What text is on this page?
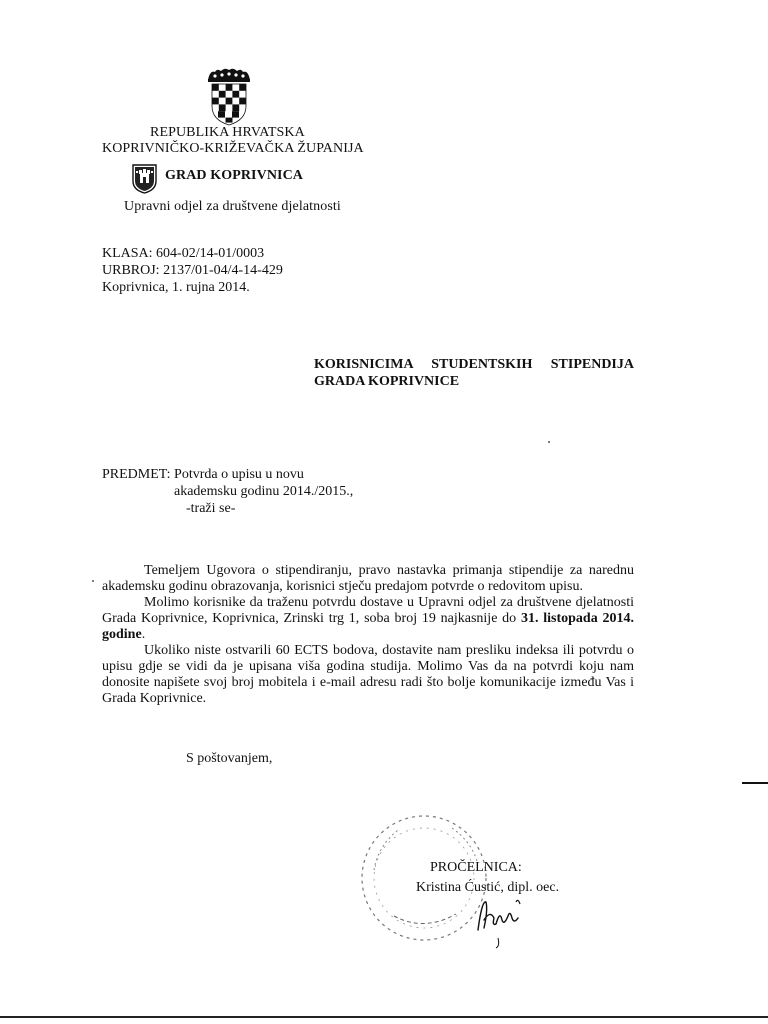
REPUBLIKA HRVATSKA
KOPRIVNIČKO-KRIŽEVAČKA ŽUPANIJA
GRAD KOPRIVNICA
Upravni odjel za društvene djelatnosti
KLASA: 604-02/14-01/0003
URBROJ: 2137/01-04/4-14-429
Koprivnica, 1. rujna 2014.
KORISNICIMA STUDENTSKIH STIPENDIJA
GRADA KOPRIVNICE
PREDMET: Potvrda o upisu u novu
akademsku godinu 2014./2015.,
-traži se-

Temeljem Ugovora o stipendiranju, pravo nastavka primanja stipendije za narednu akademsku godinu obrazovanja, korisnici stječu predajom potvrde o redovitom upisu.

Molimo korisnike da traženu potvrdu dostave u Upravni odjel za društvene djelatnosti Grada Koprivnice, Koprivnica, Zrinski trg 1, soba broj 19 najkasnije do 31. listopada 2014. godine.

Ukoliko niste ostvarili 60 ECTS bodova, dostavite nam presliku indeksa ili potvrdu o upisu gdje se vidi da je upisana viša godina studija. Molimo Vas da na potvrdi koju nam donosite napišete svoj broj mobitela i e-mail adresu radi što bolje komunikacije između Vas i Grada Koprivnice.

S poštovanjem,
PROČELNICA:
Kristina Ćustić, dipl. oec.
